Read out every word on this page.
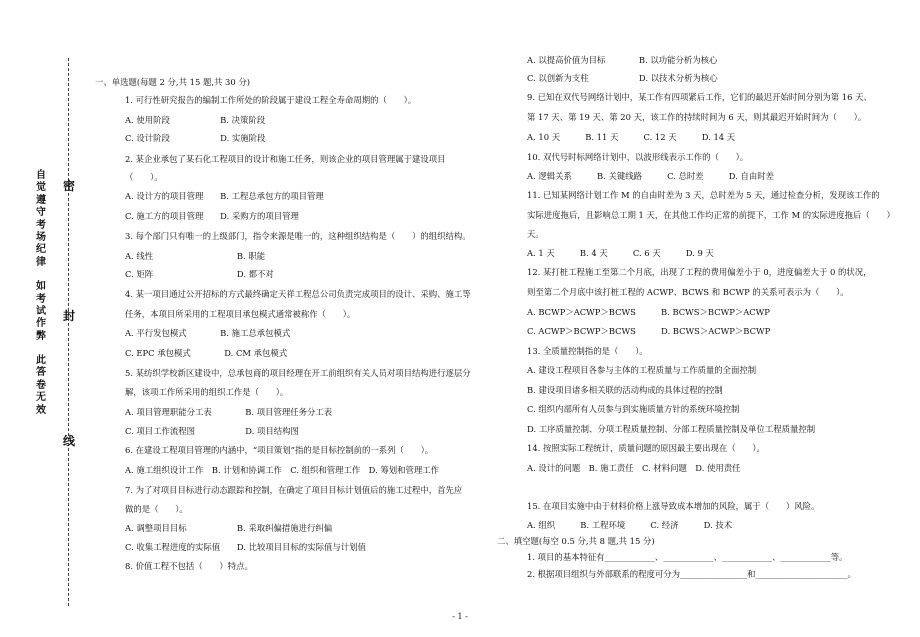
自
觉
遵
守
考
场
纪
律
如
考
试
作
弊
此
答
卷
无
效
密
封
线
一、单选题(每题 2 分,共 15 题,共 30 分)
1. 可行性研究报告的编制工作所处的阶段属于建设工程全寿命周期的（　　）。
A. 使用阶段　　　　　　B. 决策阶段
C. 设计阶段　　　　　　D. 实施阶段
2. 某企业承包了某石化工程项目的设计和施工任务，则该企业的项目管理属于建设项目
（　　）。
A. 设计方的项目管理　　B. 工程总承包方的项目管理
C. 施工方的项目管理　　D. 采购方的项目管理
3. 每个部门只有唯一的上级部门，指令来源是唯一的，这种组织结构是（　　）的组织结构。
A. 线性　　　　　　　　　　B. 职能
C. 矩阵　　　　　　　　　　D. 都不对
4. 某一项目通过公开招标的方式最终确定天祥工程总公司负责完成项目的设计、采购、施工等
任务，本项目所采用的工程项目承包模式通常被称作（　　）。
A. 平行发包模式　　　　B. 施工总承包模式
C. EPC 承包模式　　　　D. CM 承包模式
5. 某纺织学校新区建设中，总承包商的项目经理在开工前组织有关人员对项目结构进行逐层分
解，该项工作所采用的组织工作是（　　）。
A. 项目管理职能分工表　　　　B. 项目管理任务分工表
C. 项目工作流程图　　　　　　D. 项目结构图
6. 在建设工程项目管理的内涵中，“项目策划”指的是目标控制前的一系列（　　）。
A. 施工组织设计工作　B. 计划和协调工作　C. 组织和管理工作　D. 筹划和管理工作
7. 为了对项目目标进行动态跟踪和控制，在确定了项目目标计划值后的施工过程中，首先应
做的是（　　）。
A. 调整项目目标　　　　　　B. 采取纠偏措施进行纠偏
C. 收集工程进度的实际值　　D. 比较项目目标的实际值与计划值
8. 价值工程不包括（　　）特点。
A. 以提高价值为目标　　　　B. 以功能分析为核心
C. 以创新为支柱　　　　　　D. 以技术分析为核心
9. 已知在双代号网络计划中，某工作有四项紧后工作，它们的最迟开始时间分别为第 16 天、
第 17 天、第 19 天、第 20 天，该工作的持续时间为 6 天，则其最迟开始时间为（　　）。
A. 10 天　　　B. 11 天　　　C. 12 天　　　D. 14 天
10. 双代号时标网络计划中，以波形线表示工作的（　　）。
A. 逻辑关系　　　B. 关键线路　　　C. 总时差　　　D. 自由时差
11. 已知某网络计划工作 M 的自由时差为 3 天，总时差为 5 天，通过检查分析，发现该工作的
实际进度拖后，且影响总工期 1 天，在其他工作均正常的前提下，工作 M 的实际进度拖后（　　）
天。
A. 1 天　　　B. 4 天　　　C. 6 天　　　D. 9 天
12. 某打桩工程施工至第二个月底，出现了工程的费用偏差小于 0，进度偏差大于 0 的状况，
则至第二个月底中该打桩工程的 ACWP、BCWS 和 BCWP 的关系可表示为（　　）。
A. BCWP＞ACWP＞BCWS　　　B. BCWS＞BCWP＞ACWP
C. ACWP＞BCWP＞BCWS　　　D. BCWS＞ACWP＞BCWP
13. 全质量控制指的是（　　）。
A. 建设工程项目各参与主体的工程质量与工作质量的全面控制
B. 建设项目诸多相关联的活动构成的具体过程的控制
C. 组织内部所有人员参与到实施质量方针的系统环境控制
D. 工序质量控制、分项工程质量控制、分部工程质量控制及单位工程质量控制
14. 按照实际工程统计，质量问题的原因最主要出现在（　　）。
A. 设计的问题　B. 施工责任　C. 材料问题　D. 使用责任
15. 在项目实施中由于材料价格上涨导致成本增加的风险，属于（　　）风险。
A. 组织　　　B. 工程环境　　　C. 经济　　　D. 技术
二、填空题(每空 0.5 分,共 8 题,共 15 分)
1. 项目的基本特征有____________、____________、____________、____________等。
2. 根据项目组织与外部联系的程度可分为________________和______________________。
- 1 -
